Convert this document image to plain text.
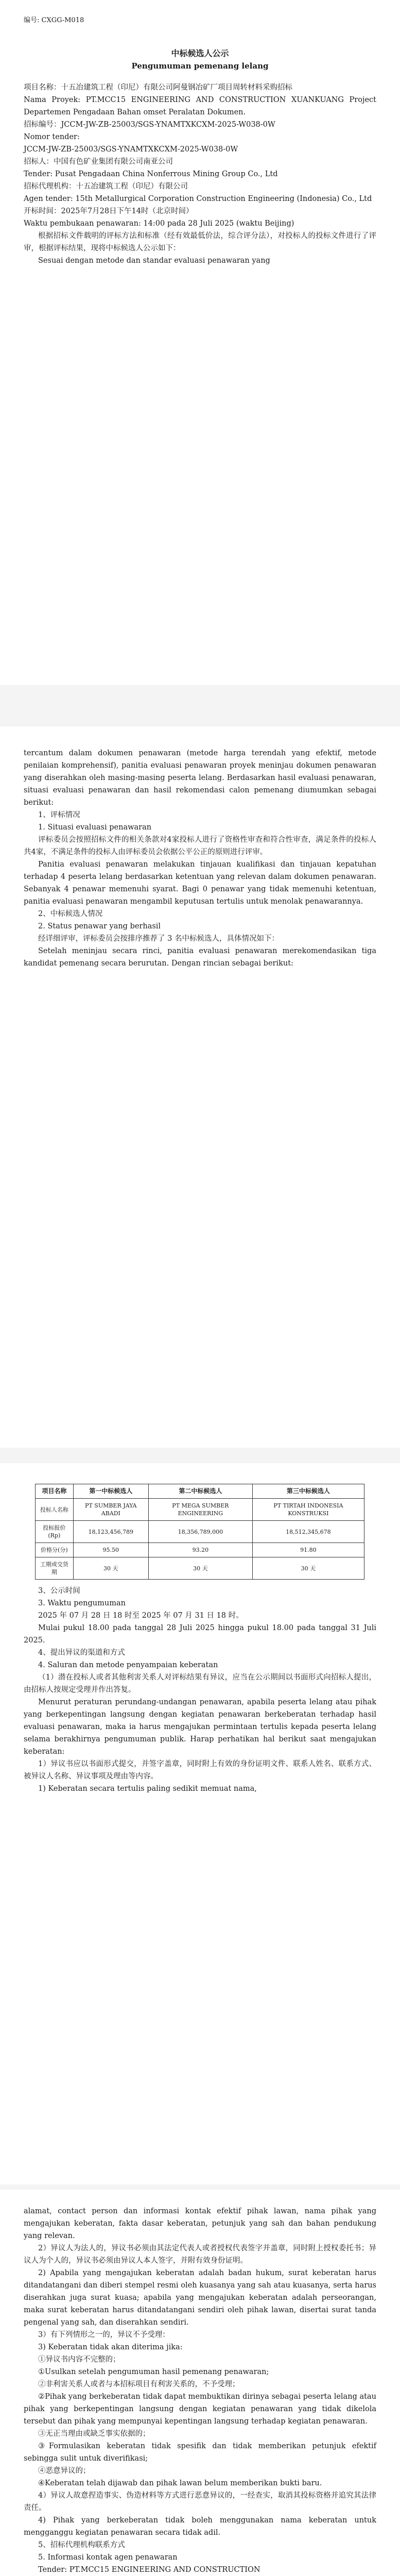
编号: CXGG-M018

中标候选人公示

Pengumuman pemenang lelang

项目名称：十五冶建筑工程（印尼）有限公司阿曼钢冶矿厂项目周转材料采购招标

Nama Proyek: PT.MCC15 ENGINEERING AND CONSTRUCTION XUANKUANG Project Departemen Pengadaan Bahan omset Peralatan Dokumen.

招标编号：JCCM-JW-ZB-25003/SGS-YNAMTXKCXM-2025-W038-0W

Nomor tender:

JCCM-JW-ZB-25003/SGS-YNAMTXKCXM-2025-W038-0W

招标人：中国有色矿业集团有限公司南亚公司

Tender: Pusat Pengadaan China Nonferrous Mining Group Co., Ltd

招标代理机构：十五冶建筑工程（印尼）有限公司

Agen tender: 15th Metallurgical Corporation Construction Engineering (Indonesia) Co., Ltd

开标时间：2025年7月28日下午14时（北京时间）

Waktu pembukaan penawaran: 14:00 pada 28 Juli 2025 (waktu Beijing)

根据招标文件载明的评标方法和标准（经有效最低价法，综合评分法），对投标人的投标文件进行了评审，根据评标结果，现将中标候选人公示如下：

Sesuai dengan metode dan standar evaluasi penawaran yang

tercantum dalam dokumen penawaran (metode harga terendah yang efektif, metode penilaian komprehensif), panitia evaluasi penawaran proyek meninjau dokumen penawaran yang diserahkan oleh masing-masing peserta lelang. Berdasarkan hasil evaluasi penawaran, situasi evaluasi penawaran dan hasil rekomendasi calon pemenang diumumkan sebagai berikut:

1、评标情况

1. Situasi evaluasi penawaran

评标委员会按照招标文件的相关条款对4家投标人进行了资格性审查和符合性审查，满足条件的投标人共4家，不满足条件的投标人由评标委员会依据公平公正的原则进行评审。

Panitia evaluasi penawaran melakukan tinjauan kualifikasi dan tinjauan kepatuhan terhadap 4 peserta lelang berdasarkan ketentuan yang relevan dalam dokumen penawaran. Sebanyak 4 penawar memenuhi syarat. Bagi 0 penawar yang tidak memenuhi ketentuan, panitia evaluasi penawaran mengambil keputusan tertulis untuk menolak penawarannya.

2、中标候选人情况

2. Status penawar yang berhasil

经详细评审，评标委员会按排序推荐了 3 名中标候选人，具体情况如下：

Setelah meninjau secara rinci, panitia evaluasi penawaran merekomendasikan tiga kandidat pemenang secara berurutan. Dengan rincian sebagai berikut:

项目名称	第一中标候选人	第二中标候选人	第三中标候选人
投标人名称	PT SUMBER JAYA ABADI	PT MEGA SUMBER ENGINEERING	PT TIRTAH INDONESIA KONSTRUKSI
投标报价(Rp)	18,123,456,789	18,356,789,000	18,512,345,678
价格分(分)	95.50	93.20	91.80
工期或交货期	30 天	30 天	30 天

3、公示时间

3. Waktu pengumuman

2025 年 07 月 28 日 18 时至 2025 年 07 月 31 日 18 时。

Mulai pukul 18.00 pada tanggal 28 Juli 2025 hingga pukul 18.00 pada tanggal 31 Juli 2025.

4、提出异议的渠道和方式

4. Saluran dan metode penyampaian keberatan

（1）潜在投标人或者其他利害关系人对评标结果有异议，应当在公示期间以书面形式向招标人提出，由招标人按规定受理并作出答复。

Menurut peraturan perundang-undangan penawaran, apabila peserta lelang atau pihak yang berkepentingan langsung dengan kegiatan penawaran berkeberatan terhadap hasil evaluasi penawaran, maka ia harus mengajukan permintaan tertulis kepada peserta lelang selama berakhirnya pengumuman publik. Harap perhatikan hal berikut saat mengajukan keberatan:

1）异议书应以书面形式提交，并签字盖章，同时附上有效的身份证明文件、联系人姓名、联系方式、被异议人名称、异议事项及理由等内容。

1) Keberatan secara tertulis paling sedikit memuat nama,

alamat, contact person dan informasi kontak efektif pihak lawan, nama pihak yang mengajukan keberatan, fakta dasar keberatan, petunjuk yang sah dan bahan pendukung yang relevan.

2）异议人为法人的，异议书必须由其法定代表人或者授权代表签字并盖章，同时附上授权委托书；异议人为个人的，异议书必须由异议人本人签字，并附有效身份证明。

2) Apabila yang mengajukan keberatan adalah badan hukum, surat keberatan harus ditandatangani dan diberi stempel resmi oleh kuasanya yang sah atau kuasanya, serta harus diserahkan juga surat kuasa; apabila yang mengajukan keberatan adalah perseorangan, maka surat keberatan harus ditandatangani sendiri oleh pihak lawan, disertai surat tanda pengenal yang sah, dan diserahkan sendiri.

3）有下列情形之一的，异议不予受理：

3) Keberatan tidak akan diterima jika:

①异议书内容不完整的；

①Usulkan setelah pengumuman hasil pemenang penawaran;

②非利害关系人或者与本招标项目有利害关系的，不予受理；

②Pihak yang berkeberatan tidak dapat membuktikan dirinya sebagai peserta lelang atau pihak yang berkepentingan langsung dengan kegiatan penawaran yang tidak dikelola tersebut dan pihak yang mempunyai kepentingan langsung terhadap kegiatan penawaran.

③无正当理由或缺乏事实依据的；

③Formulasikan keberatan tidak spesifik dan tidak memberikan petunjuk efektif sebingga sulit untuk diverifikasi;

④恶意异议的；

④Keberatan telah dijawab dan pihak lawan belum memberikan bukti baru.

4）异议人故意捏造事实、伪造材料等方式进行恶意异议的，一经查实，取消其投标资格并追究其法律责任。

4) Pihak yang berkeberatan tidak boleh menggunakan nama keberatan untuk mengganggu kegiatan penawaran secara tidak adil.

5、招标代理机构联系方式

5. Informasi kontak agen penawaran

Tender: PT.MCC15 ENGINEERING AND CONSTRUCTION
